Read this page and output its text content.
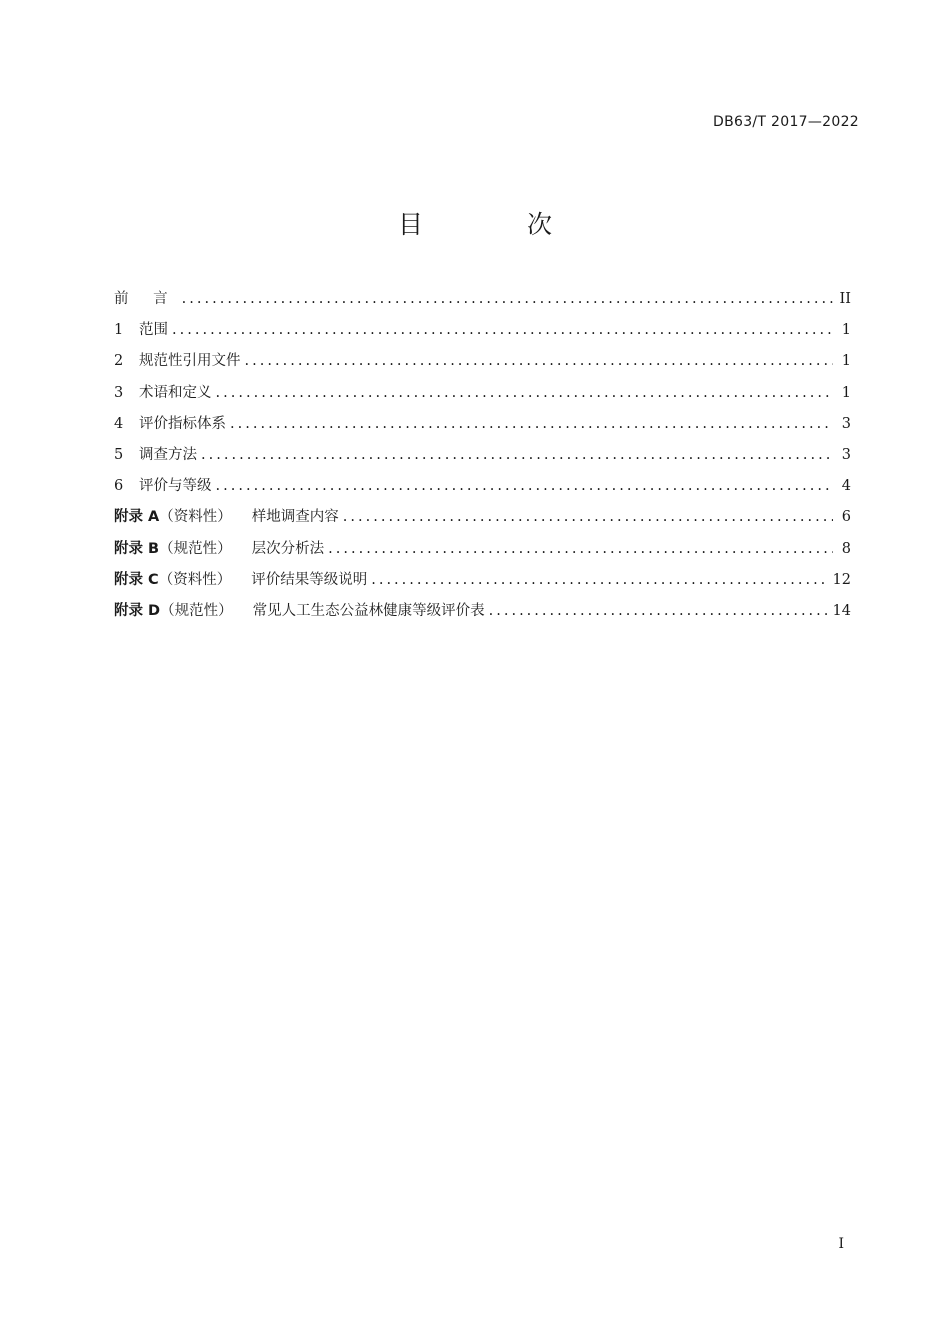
DB63/T 2017—2022
目 次
前 言 . . .	II
1	范围 . . .	1
2	规范性引用文件 . . .	1
3	术语和定义 . . .	1
4	评价指标体系 . . .	3
5	调查方法 . . .	3
6	评价与等级 . . .	4
附录 A （资料性） 样地调查内容 . . .	6
附录 B （规范性） 层次分析法 . . .	8
附录 C （资料性） 评价结果等级说明 . . .	12
附录 D （规范性） 常见人工生态公益林健康等级评价表 . . .	14
I
